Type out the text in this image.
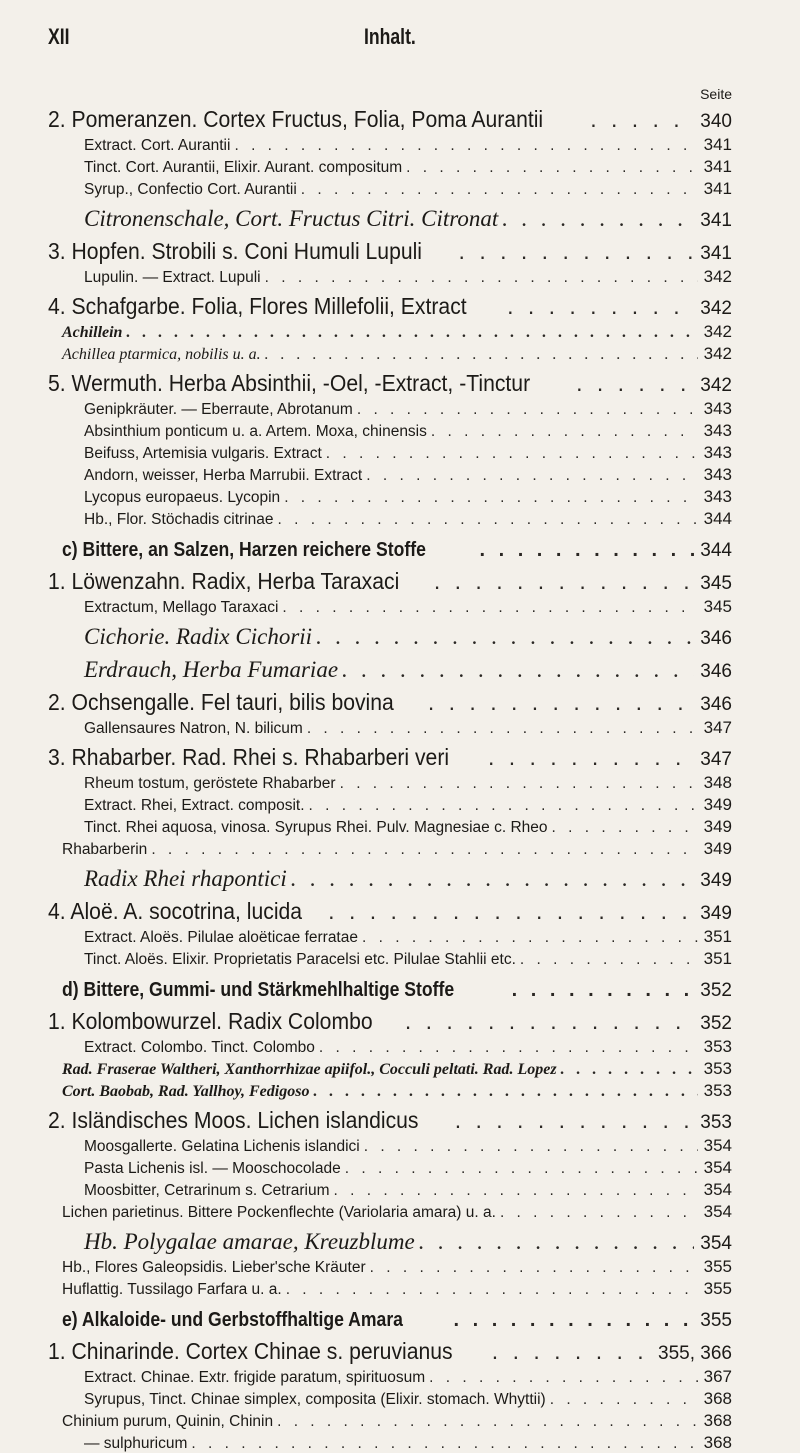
XII	Inhalt.
Seite
2. Pomeranzen. Cortex Fructus, Folia, Poma Aurantii . . .	340
Extract. Cort. Aurantii . . .	341
Tinct. Cort. Aurantii, Elixir. Aurant. compositum . . .	341
Syrup., Confectio Cort. Aurantii . . .	341
Citronenschale, Cort. Fructus Citri. Citronat . . .	341
3. Hopfen. Strobili s. Coni Humuli Lupuli . . .	341
Lupulin. — Extract. Lupuli . . .	342
4. Schafgarbe. Folia, Flores Millefolii, Extract . . .	342
Achillein . . .	342
Achillea ptarmica, nobilis u. a. . . .	342
5. Wermuth. Herba Absinthii, -Oel, -Extract, -Tinctur . . .	342
Genipkräuter. — Eberraute, Abrotanum . . .	343
Absinthium ponticum u. a. Artem. Moxa, chinensis . . .	343
Beifuss, Artemisia vulgaris. Extract . . .	343
Andorn, weisser, Herba Marrubii. Extract . . .	343
Lycopus europaeus. Lycopin . . .	343
Hb., Flor. Stöchadis citrinae . . .	344
c) Bittere, an Salzen, Harzen reichere Stoffe . . .	344
1. Löwenzahn. Radix, Herba Taraxaci . . .	345
Extractum, Mellago Taraxaci . . .	345
Cichorie. Radix Cichorii . . .	346
Erdrauch, Herba Fumariae . . .	346
2. Ochsengalle. Fel tauri, bilis bovina . . .	346
Gallensaures Natron, N. bilicum . . .	347
3. Rhabarber. Rad. Rhei s. Rhabarberi veri . . .	347
Rheum tostum, geröstete Rhabarber . . .	348
Extract. Rhei, Extract. composit. . . .	349
Tinct. Rhei aquosa, vinosa. Syrupus Rhei. Pulv. Magnesiae c. Rheo . . .	349
Rhabarberin . . .	349
Radix Rhei rhapontici . . .	349
4. Aloë. A. socotrina, lucida . . .	349
Extract. Aloës. Pilulae aloëticae ferratae . . .	351
Tinct. Aloës. Elixir. Proprietatis Paracelsi etc. Pilulae Stahlii etc. . . .	351
d) Bittere, Gummi- und Stärkmehlhaltige Stoffe . . .	352
1. Kolombowurzel. Radix Colombo . . .	352
Extract. Colombo. Tinct. Colombo . . .	353
Rad. Fraserae Waltheri, Xanthorrhizae apiifol., Cocculi peltati. Rad. Lopez . . .	353
Cort. Baobab, Rad. Yallhoy, Fedigoso . . .	353
2. Isländisches Moos. Lichen islandicus . . .	353
Moosgallerte. Gelatina Lichenis islandici . . .	354
Pasta Lichenis isl. — Mooschocolade . . .	354
Moosbitter, Cetrarinum s. Cetrarium . . .	354
Lichen parietinus. Bittere Pockenflechte (Variolaria amara) u. a. . . .	354
Hb. Polygalae amarae, Kreuzblume . . .	354
Hb., Flores Galeopsidis. Lieber'sche Kräuter . . .	355
Huflattig. Tussilago Farfara u. a. . . .	355
e) Alkaloide- und Gerbstoffhaltige Amara . . .	355
1. Chinarinde. Cortex Chinae s. peruvianus . . .	355, 366
Extract. Chinae. Extr. frigide paratum, spirituosum . . .	367
Syrupus, Tinct. Chinae simplex, composita (Elixir. stomach. Whyttii) . . .	368
Chinium purum, Quinin, Chinin . . .	368
— sulphuricum . . .	368
